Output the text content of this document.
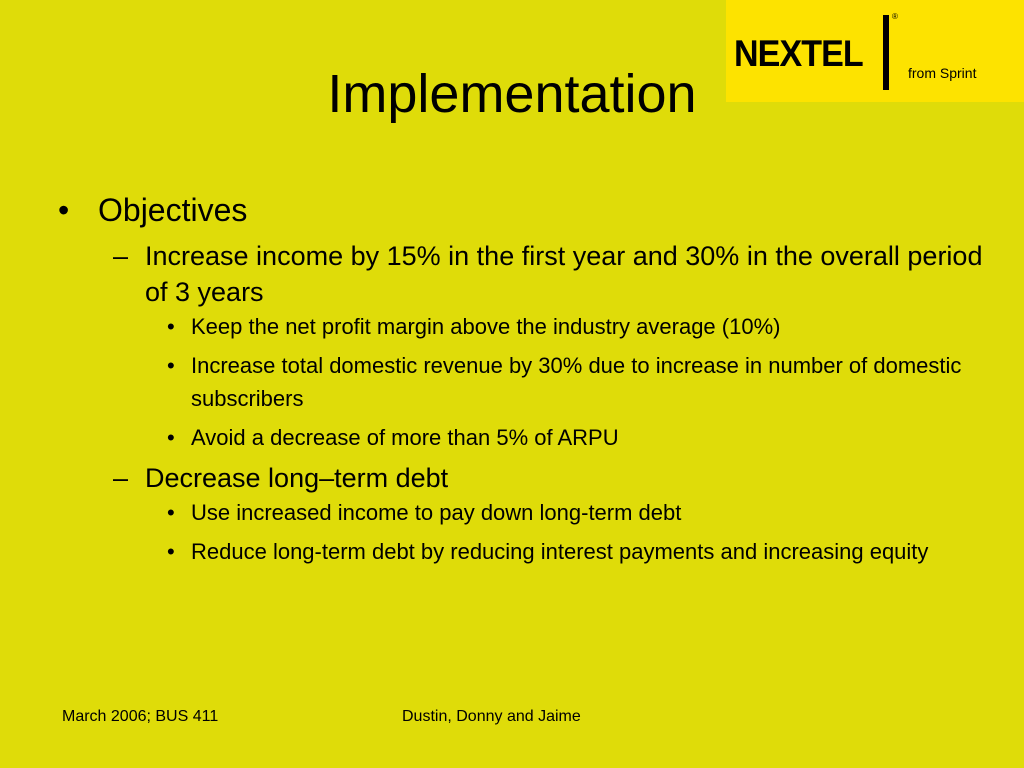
NEXTEL
®
from Sprint
Implementation
• Objectives
– Increase income by 15% in the first year and 30% in the overall period of 3 years
• Keep the net profit margin above the industry average (10%)
• Increase total domestic revenue by 30% due to increase in number of domestic subscribers
• Avoid a decrease of more than 5% of ARPU
– Decrease long–term debt
• Use increased income to pay down long-term debt
• Reduce long-term debt by reducing interest payments and increasing equity
March 2006; BUS 411	Dustin, Donny and Jaime
